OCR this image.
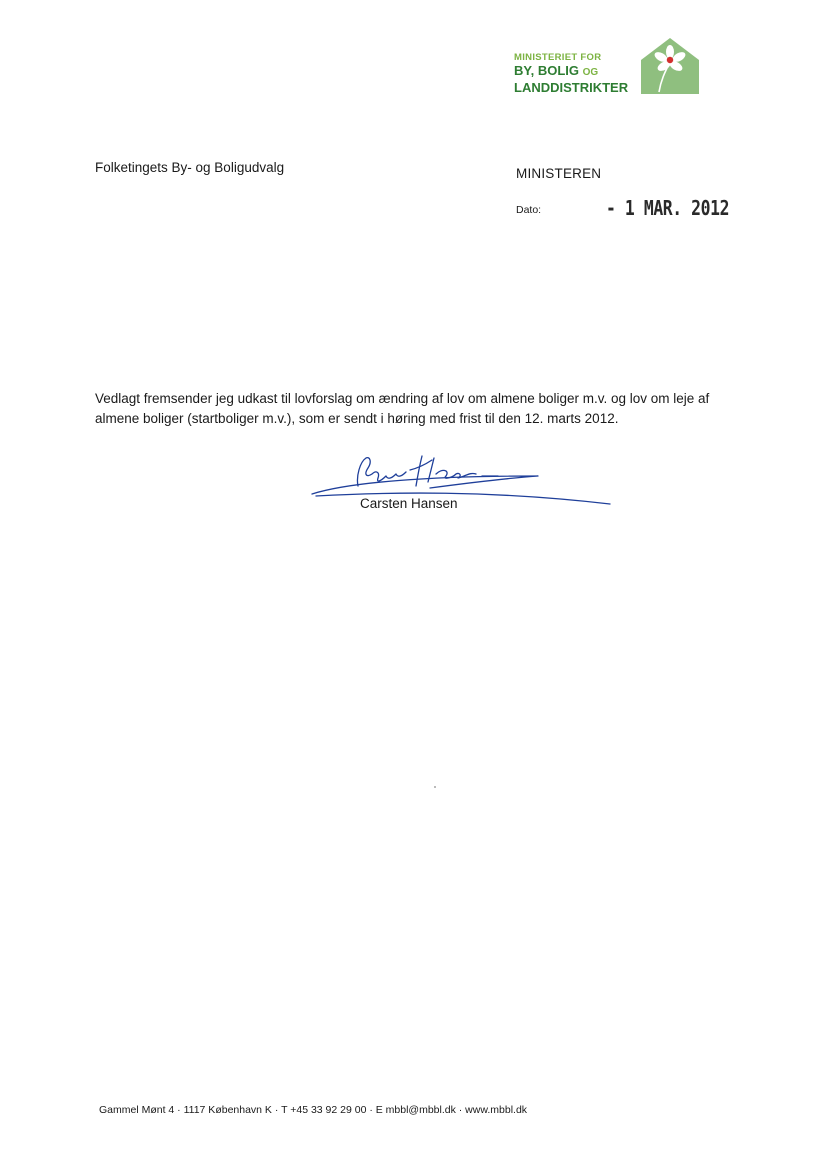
MINISTERIET FOR
BY, BOLIG OG
LANDDISTRIKTER
Folketingets By- og Boligudvalg	MINISTEREN
Dato:	- 1 MAR. 2012
Vedlagt fremsender jeg udkast til lovforslag om ændring af lov om almene boliger m.v. og lov om leje af almene boliger (startboliger m.v.), som er sendt i høring med frist til den 12. marts 2012.
Carsten Hansen
Gammel Mønt 4 · 1117 København K · T +45 33 92 29 00 · E mbbl@mbbl.dk · www.mbbl.dk
